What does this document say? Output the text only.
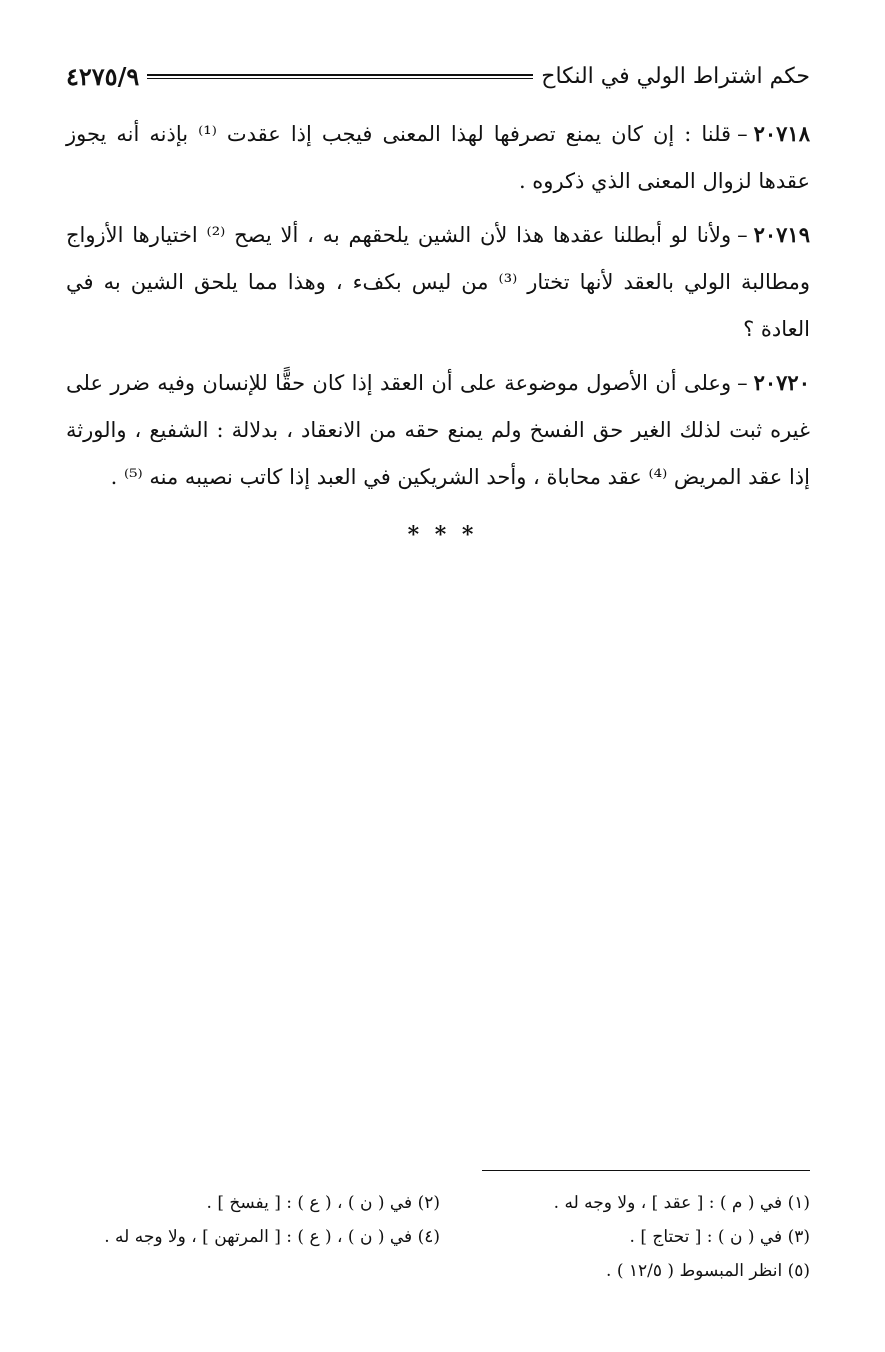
حكم اشتراط الولي في النكاح
٤٢٧٥/٩

٢٠٧١٨–قلنا : إن كان يمنع تصرفها لهذا المعنى فيجب إذا عقدت ⁽¹⁾ بإذنه أنه يجوز عقدها لزوال المعنى الذي ذكروه .

٢٠٧١٩–ولأنا لو أبطلنا عقدها هذا لأن الشين يلحقهم به ، ألا يصح ⁽²⁾ اختيارها الأزواج ومطالبة الولي بالعقد لأنها تختار ⁽³⁾ من ليس بكفء ، وهذا مما يلحق الشين به في العادة ؟

٢٠٧٢٠–وعلى أن الأصول موضوعة على أن العقد إذا كان حقًّا للإنسان وفيه ضرر على غيره ثبت لذلك الغير حق الفسخ ولم يمنع حقه من الانعقاد ، بدلالة : الشفيع ، والورثة إذا عقد المريض ⁽⁴⁾ عقد محاباة ، وأحد الشريكين في العبد إذا كاتب نصيبه منه ⁽⁵⁾ .

* * *
(١) في ( م ) : [ عقد ] ، ولا وجه له .
(٢) في ( ن ) ، ( ع ) : [ يفسخ ] .
(٣) في ( ن ) : [ تحتاج ] .
(٤) في ( ن ) ، ( ع ) : [ المرتهن ] ، ولا وجه له .
(٥) انظر المبسوط ( ١٢/٥ ) .
